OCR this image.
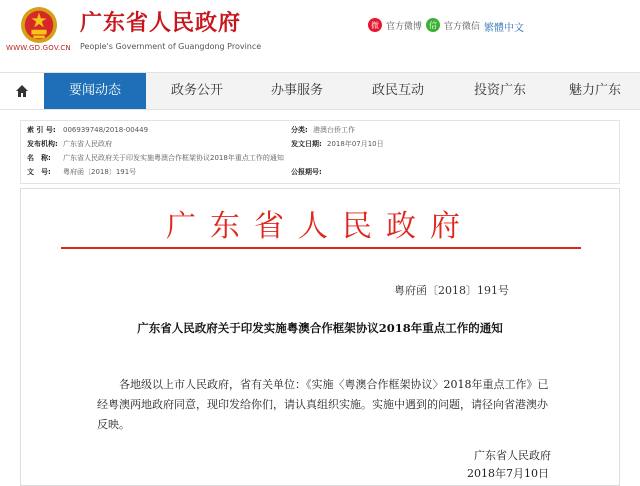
WWW.GD.GOV.CN
广东省人民政府
People's Government of Guangdong Province
微 官方微博 信 官方微信 繁體中文
要闻动态	政务公开	办事服务	政民互动	投资广东	魅力广东
索 引 号: 006939748/2018-00449	分类: 港澳台侨工作
发布机构: 广东省人民政府	发文日期: 2018年07月10日
名　称: 广东省人民政府关于印发实施粤澳合作框架协议2018年重点工作的通知
文　号: 粤府函〔2018〕191号	公报期号:
广东省人民政府
粤府函〔2018〕191号
广东省人民政府关于印发实施粤澳合作框架协议2018年重点工作的通知
各地级以上市人民政府，省有关单位：《实施〈粤澳合作框架协议〉2018年重点工作》已经粤澳两地政府同意，现印发给你们，请认真组织实施。实施中遇到的问题，请径向省港澳办反映。
广东省人民政府
2018年7月10日
